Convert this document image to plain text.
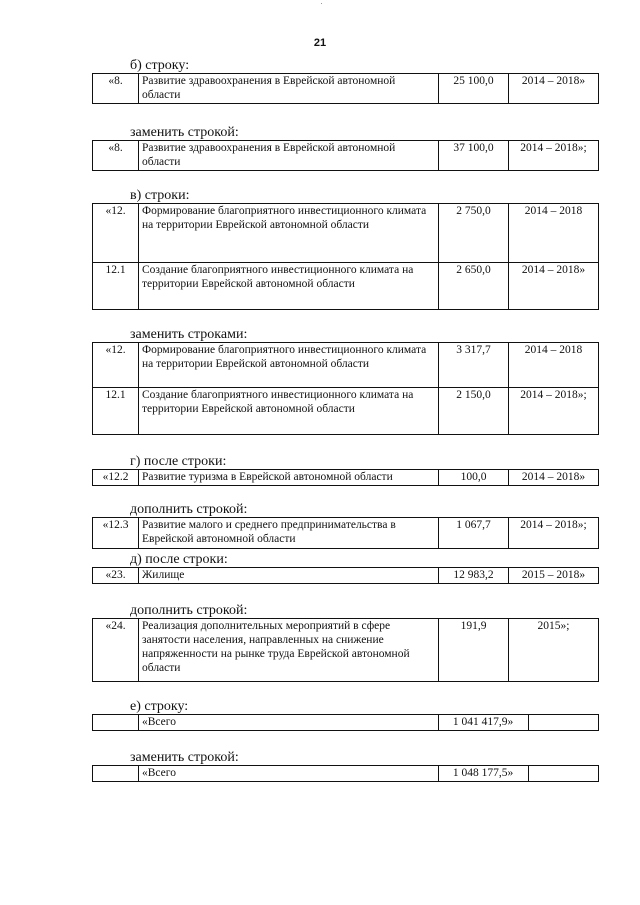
21
б) строку:
«8.	Развитие здравоохранения в Еврейской автономной области	25 100,0	2014 – 2018»
заменить строкой:
«8.	Развитие здравоохранения в Еврейской автономной области	37 100,0	2014 – 2018»;
в) строки:
«12.	Формирование благоприятного инвестиционного климата на территории Еврейской автономной области	2 750,0	2014 – 2018
12.1	Создание благоприятного инвестиционного климата на территории Еврейской автономной области	2 650,0	2014 – 2018»
заменить строками:
«12.	Формирование благоприятного инвестиционного климата на территории Еврейской автономной области	3 317,7	2014 – 2018
12.1	Создание благоприятного инвестиционного климата на территории Еврейской автономной области	2 150,0	2014 – 2018»;
г) после строки:
«12.2	Развитие туризма в Еврейской автономной области	100,0	2014 – 2018»
дополнить строкой:
«12.3	Развитие малого и среднего предпринимательства в Еврейской автономной области	1 067,7	2014 – 2018»;
д) после строки:
«23.	Жилище	12 983,2	2015 – 2018»
дополнить строкой:
«24.	Реализация дополнительных мероприятий в сфере занятости населения, направленных на снижение напряженности на рынке труда Еврейской автономной области	191,9	2015»;
е) строку:
	«Всего	1 041 417,9»	
заменить строкой:
	«Всего	1 048 177,5»	
